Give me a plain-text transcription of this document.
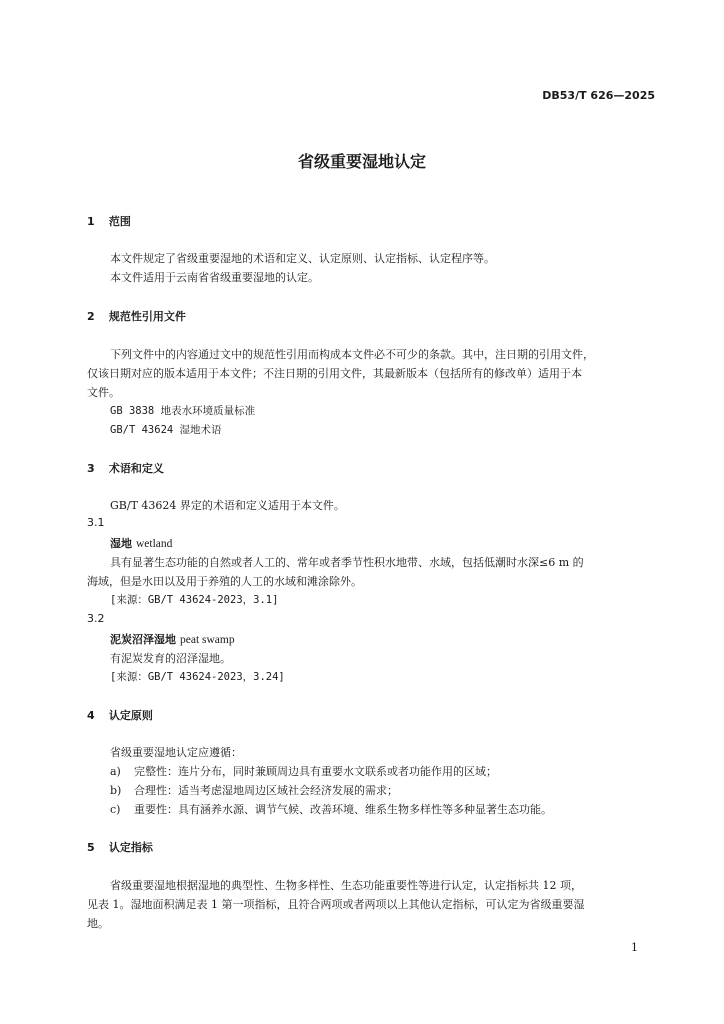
DB53/T 626—2025
省级重要湿地认定
1 范围
本文件规定了省级重要湿地的术语和定义、认定原则、认定指标、认定程序等。
本文件适用于云南省省级重要湿地的认定。
2 规范性引用文件
下列文件中的内容通过文中的规范性引用而构成本文件必不可少的条款。其中，注日期的引用文件，
仅该日期对应的版本适用于本文件；不注日期的引用文件，其最新版本（包括所有的修改单）适用于本
文件。
GB 3838 地表水环境质量标准
GB/T 43624 湿地术语
3 术语和定义
GB/T 43624 界定的术语和定义适用于本文件。
3.1
湿地 wetland
具有显著生态功能的自然或者人工的、常年或者季节性积水地带、水域，包括低潮时水深≤6 m 的
海域，但是水田以及用于养殖的人工的水域和滩涂除外。
[来源：GB/T 43624-2023，3.1]
3.2
泥炭沼泽湿地 peat swamp
有泥炭发育的沼泽湿地。
[来源：GB/T 43624-2023，3.24]
4 认定原则
省级重要湿地认定应遵循：
a) 完整性：连片分布，同时兼顾周边具有重要水文联系或者功能作用的区域；
b) 合理性：适当考虑湿地周边区域社会经济发展的需求；
c) 重要性：具有涵养水源、调节气候、改善环境、维系生物多样性等多种显著生态功能。
5 认定指标
省级重要湿地根据湿地的典型性、生物多样性、生态功能重要性等进行认定，认定指标共 12 项，
见表 1。湿地面积满足表 1 第一项指标，且符合两项或者两项以上其他认定指标，可认定为省级重要湿
地。
1
